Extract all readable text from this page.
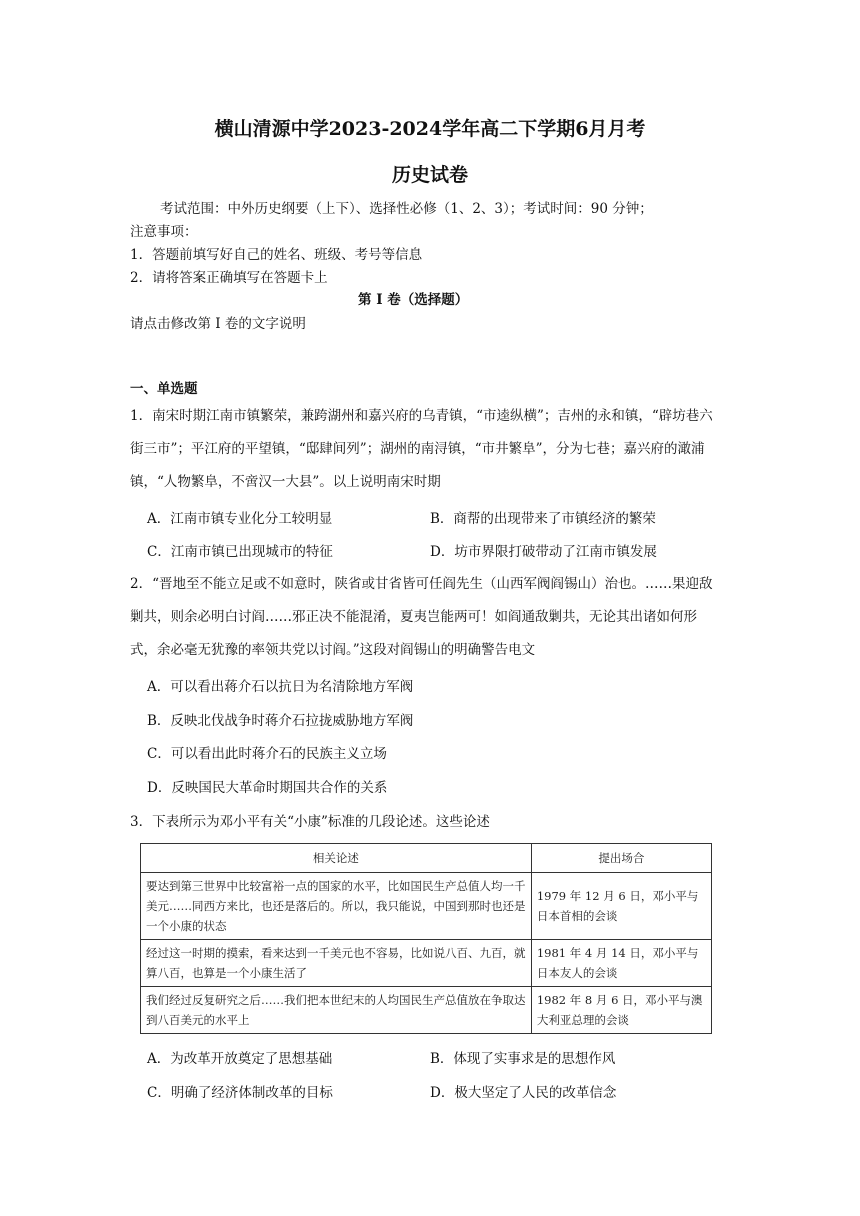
横山清源中学2023-2024学年高二下学期6月月考
历史试卷
考试范围：中外历史纲要（上下）、选择性必修（1、2、3）；考试时间：90 分钟；
注意事项：
1．答题前填写好自己的姓名、班级、考号等信息
2．请将答案正确填写在答题卡上
第 I 卷（选择题）
请点击修改第 I 卷的文字说明
一、单选题
1．南宋时期江南市镇繁荣，兼跨湖州和嘉兴府的乌青镇，“市逵纵横”；吉州的永和镇，“辟坊巷六街三市”；平江府的平望镇，“邸肆间列”；湖州的南浔镇，“市井繁阜”，分为七巷；嘉兴府的澉浦镇，“人物繁阜，不啻汉一大县”。以上说明南宋时期
A．江南市镇专业化分工较明显	B．商帮的出现带来了市镇经济的繁荣
C．江南市镇已出现城市的特征	D．坊市界限打破带动了江南市镇发展
2．“晋地至不能立足或不如意时，陕省或甘省皆可任阎先生（山西军阀阎锡山）治也。……果迎敌剿共，则余必明白讨阎……邪正决不能混淆，夏夷岂能两可！如阎通敌剿共，无论其出诸如何形式，余必毫无犹豫的率领共党以讨阎。”这段对阎锡山的明确警告电文
A．可以看出蒋介石以抗日为名清除地方军阀
B．反映北伐战争时蒋介石拉拢威胁地方军阀
C．可以看出此时蒋介石的民族主义立场
D．反映国民大革命时期国共合作的关系
3．下表所示为邓小平有关“小康”标准的几段论述。这些论述
相关论述	提出场合
要达到第三世界中比较富裕一点的国家的水平，比如国民生产总值人均一千美元……同西方来比，也还是落后的。所以，我只能说，中国到那时也还是一个小康的状态	1979 年 12 月 6 日，邓小平与日本首相的会谈
经过这一时期的摸索，看来达到一千美元也不容易，比如说八百、九百，就算八百，也算是一个小康生活了	1981 年 4 月 14 日，邓小平与日本友人的会谈
我们经过反复研究之后……我们把本世纪末的人均国民生产总值放在争取达到八百美元的水平上	1982 年 8 月 6 日，邓小平与澳大利亚总理的会谈
A．为改革开放奠定了思想基础	B．体现了实事求是的思想作风
C．明确了经济体制改革的目标	D．极大坚定了人民的改革信念
